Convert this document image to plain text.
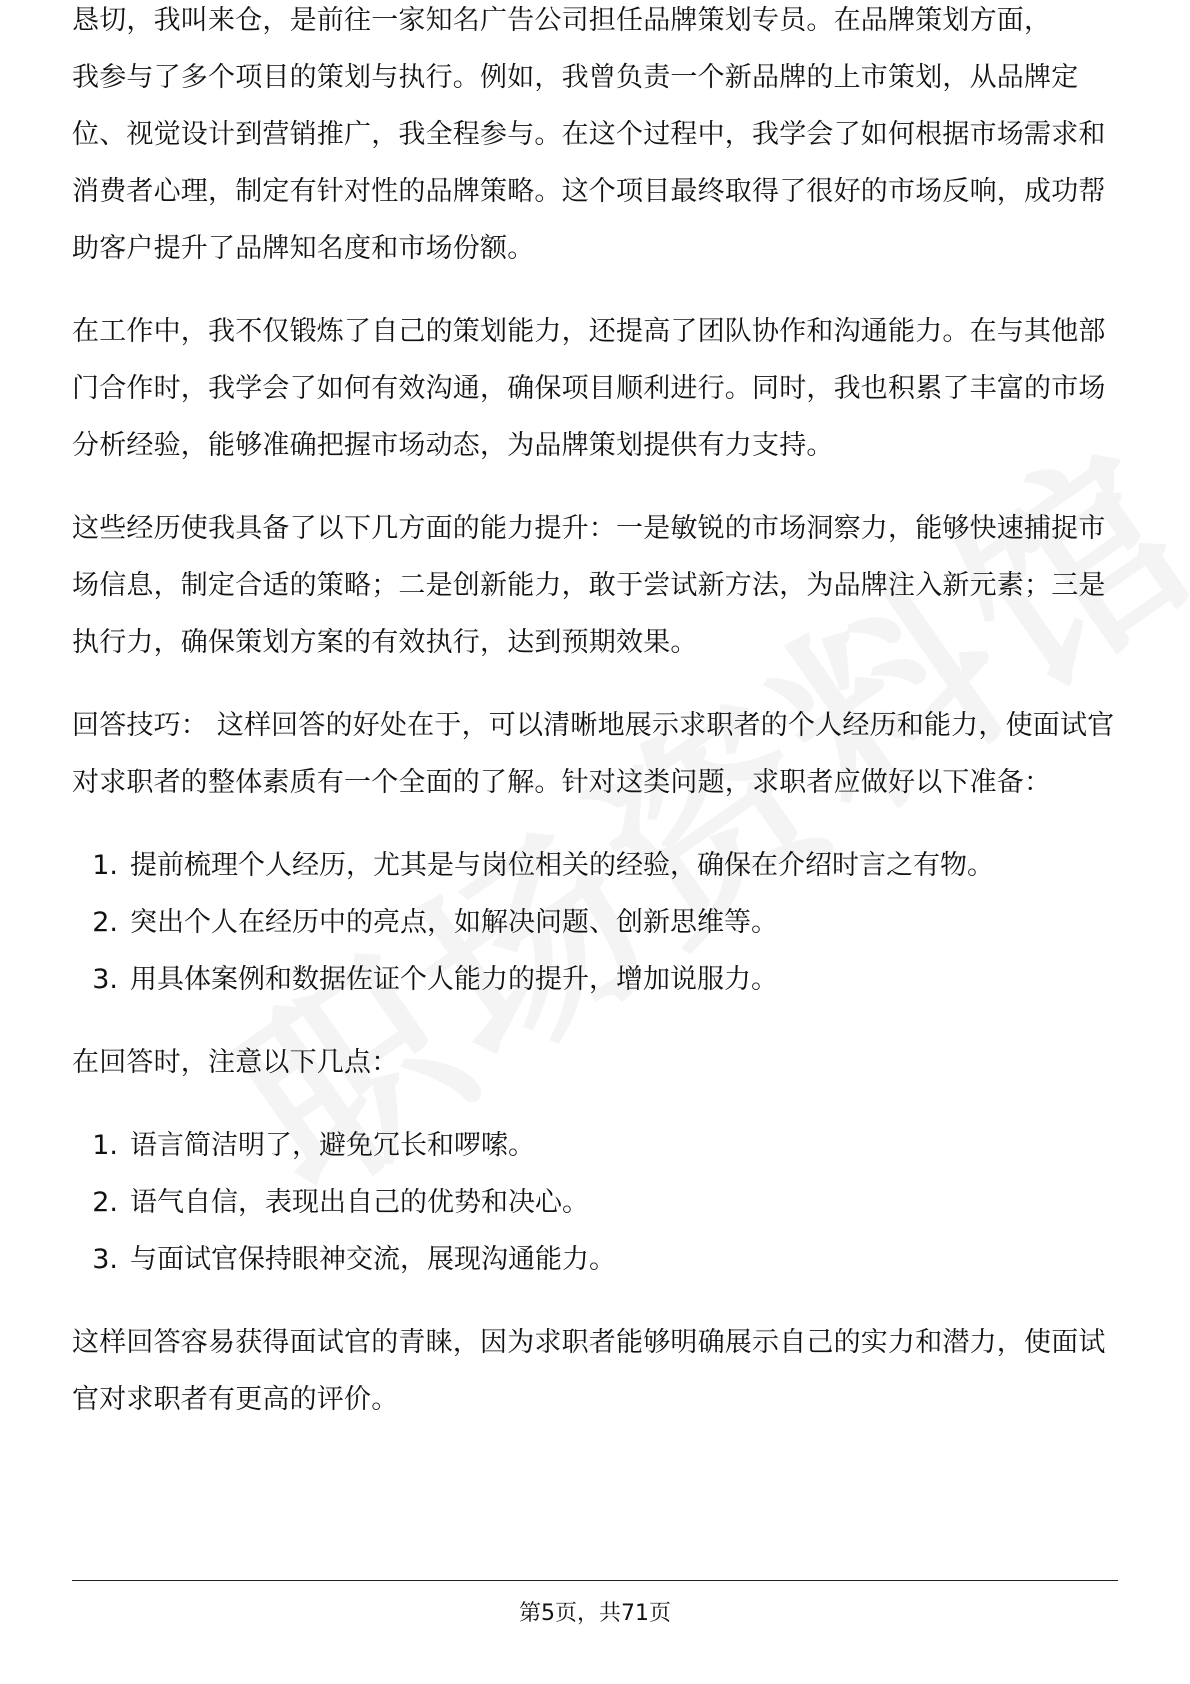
恳切，我叫来仓，是前往一家知名广告公司担任品牌策划专员。在品牌策划方面，

我参与了多个项目的策划与执行。例如，我曾负责一个新品牌的上市策划，从品牌定位、视觉设计到营销推广，我全程参与。在这个过程中，我学会了如何根据市场需求和消费者心理，制定有针对性的品牌策略。这个项目最终取得了很好的市场反响，成功帮助客户提升了品牌知名度和市场份额。

在工作中，我不仅锻炼了自己的策划能力，还提高了团队协作和沟通能力。在与其他部门合作时，我学会了如何有效沟通，确保项目顺利进行。同时，我也积累了丰富的市场分析经验，能够准确把握市场动态，为品牌策划提供有力支持。

这些经历使我具备了以下几方面的能力提升：一是敏锐的市场洞察力，能够快速捕捉市场信息，制定合适的策略；二是创新能力，敢于尝试新方法，为品牌注入新元素；三是执行力，确保策划方案的有效执行，达到预期效果。

回答技巧： 这样回答的好处在于，可以清晰地展示求职者的个人经历和能力，使面试官对求职者的整体素质有一个全面的了解。针对这类问题，求职者应做好以下准备：

1. 提前梳理个人经历，尤其是与岗位相关的经验，确保在介绍时言之有物。
2. 突出个人在经历中的亮点，如解决问题、创新思维等。
3. 用具体案例和数据佐证个人能力的提升，增加说服力。

在回答时，注意以下几点：

1. 语言简洁明了，避免冗长和啰嗦。
2. 语气自信，表现出自己的优势和决心。
3. 与面试官保持眼神交流，展现沟通能力。

这样回答容易获得面试官的青睐，因为求职者能够明确展示自己的实力和潜力，使面试官对求职者有更高的评价。

第5页，共71页
